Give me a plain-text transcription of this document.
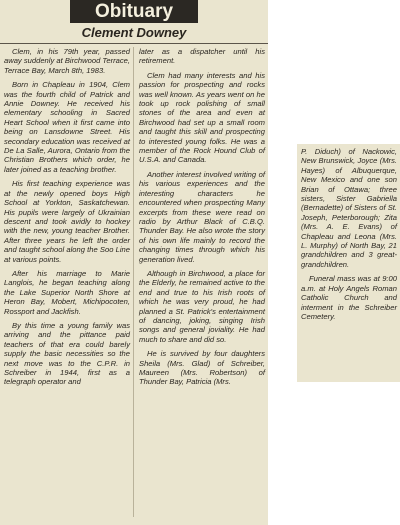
Obituary
Clement Downey

Clem, in his 79th year, passed away suddenly at Birchwood Terrace, Terrace Bay, March 8th, 1983.

Born in Chapleau in 1904, Clem was the fourth child of Patrick and Annie Downey. He received his elementary schooling in Sacred Heart School when it first came into being on Lansdowne Street. His secondary education was received at De La Salle, Aurora, Ontario from the Christian Brothers which order, he later joined as a teaching brother.

His first teaching experience was at the newly opened boys High School at Yorkton, Saskatchewan. His pupils were largely of Ukrainian descent and took avidly to hockey with the new, young teacher Brother. After three years he left the order and taught school along the Soo Line at various points.

After his marriage to Marie Langlois, he began teaching along the Lake Superior North Shore at Heron Bay, Mobert, Michipocoten, Rossport and Jackfish.

By this time a young family was arriving and the pittance paid teachers of that era could barely supply the basic necessities so the next move was to the C.P.R. in Schreiber in 1944, first as a telegraph operator and

later as a dispatcher until his retirement.

Clem had many interests and his passion for prospecting and rocks was well known. As years went on he took up rock polishing of small stones of the area and even at Birchwood had set up a small room and taught this skill and prospecting to interested young folks. He was a member of the Rock Hound Club of U.S.A. and Canada.

Another interest involved writing of his various experiences and the interesting characters he encountered when prospecting Many excerpts from these were read on radio by Arthur Black of C.B.Q. Thunder Bay. He also wrote the story of his own life mainly to record the changing times through which his generation lived.

Although in Birchwood, a place for the Elderly, he remained active to the end and true to his Irish roots of which he was very proud, he had planned a St. Patrick's entertainment of dancing, joking, singing Irish songs and general joviality. He had much to share and did so.

He is survived by four daughters Sheila (Mrs. Glad) of Schreiber, Maureen (Mrs. Robertson) of Thunder Bay, Patricia (Mrs.

P. Diduch) of Nackowic, New Brunswick, Joyce (Mrs. Hayes) of Albuquerque, New Mexico and one son Brian of Ottawa; three sisters, Sister Gabriella (Bernadette) of Sisters of St. Joseph, Peterborough; Zita (Mrs. A. E. Evans) of Chapleau and Leona (Mrs. L. Murphy) of North Bay, 21 grandchildren and 3 great-grandchildren.

Funeral mass was at 9:00 a.m. at Holy Angels Roman Catholic Church and interment in the Schreiber Cemetery.
